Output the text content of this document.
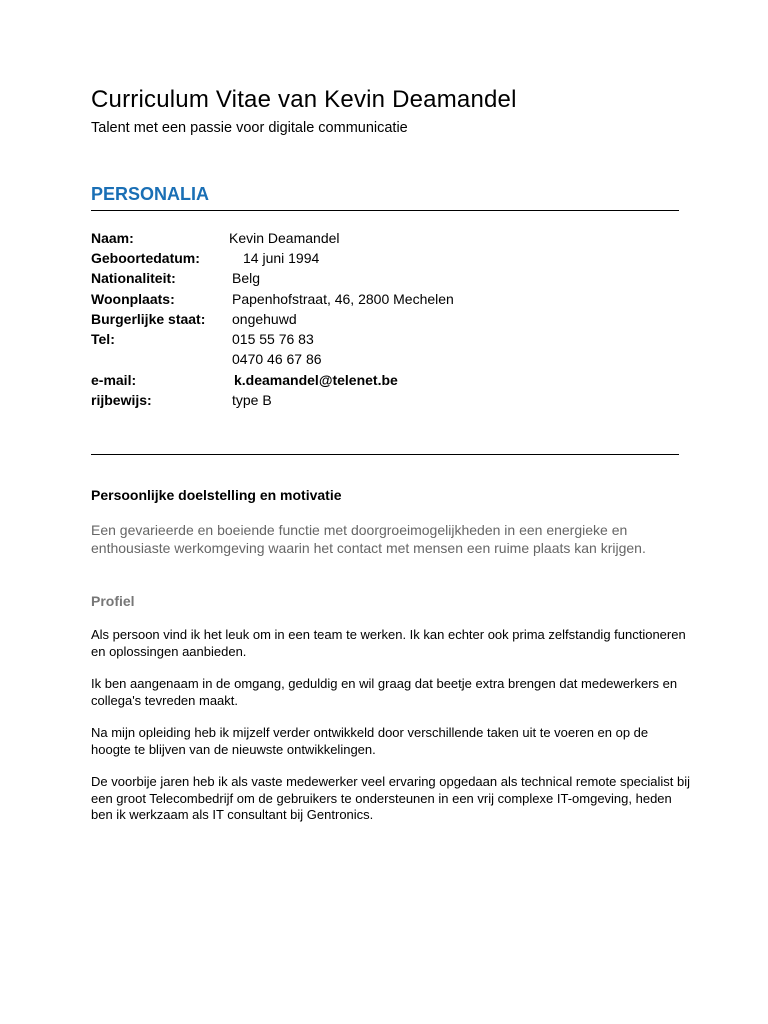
Curriculum Vitae van Kevin Deamandel

Talent met een passie voor digitale communicatie

PERSONALIA
Naam:	Kevin Deamandel
Geboortedatum:	14 juni 1994
Nationaliteit:	Belg
Woonplaats:	Papenhofstraat, 46, 2800 Mechelen
Burgerlijke staat: ongehuwd
Tel:	015 55 76 83
0470 46 67 86
e-mail:	k.deamandel@telenet.be
rijbewijs:	type B
Persoonlijke doelstelling en motivatie

Een gevarieerde en boeiende functie met doorgroeimogelijkheden in een energieke en enthousiaste werkomgeving waarin het contact met mensen een ruime plaats kan krijgen.

Profiel

Als persoon vind ik het leuk om in een team te werken. Ik kan echter ook prima zelfstandig functioneren en oplossingen aanbieden.

Ik ben aangenaam in de omgang, geduldig en wil graag dat beetje extra brengen dat medewerkers en collega's tevreden maakt.

Na mijn opleiding heb ik mijzelf verder ontwikkeld door verschillende taken uit te voeren en op de hoogte te blijven van de nieuwste ontwikkelingen.

De voorbije jaren heb ik als vaste medewerker veel ervaring opgedaan als technical remote specialist bij een groot Telecombedrijf om de gebruikers te ondersteunen in een vrij complexe IT-omgeving, heden ben ik werkzaam als IT consultant bij Gentronics.
